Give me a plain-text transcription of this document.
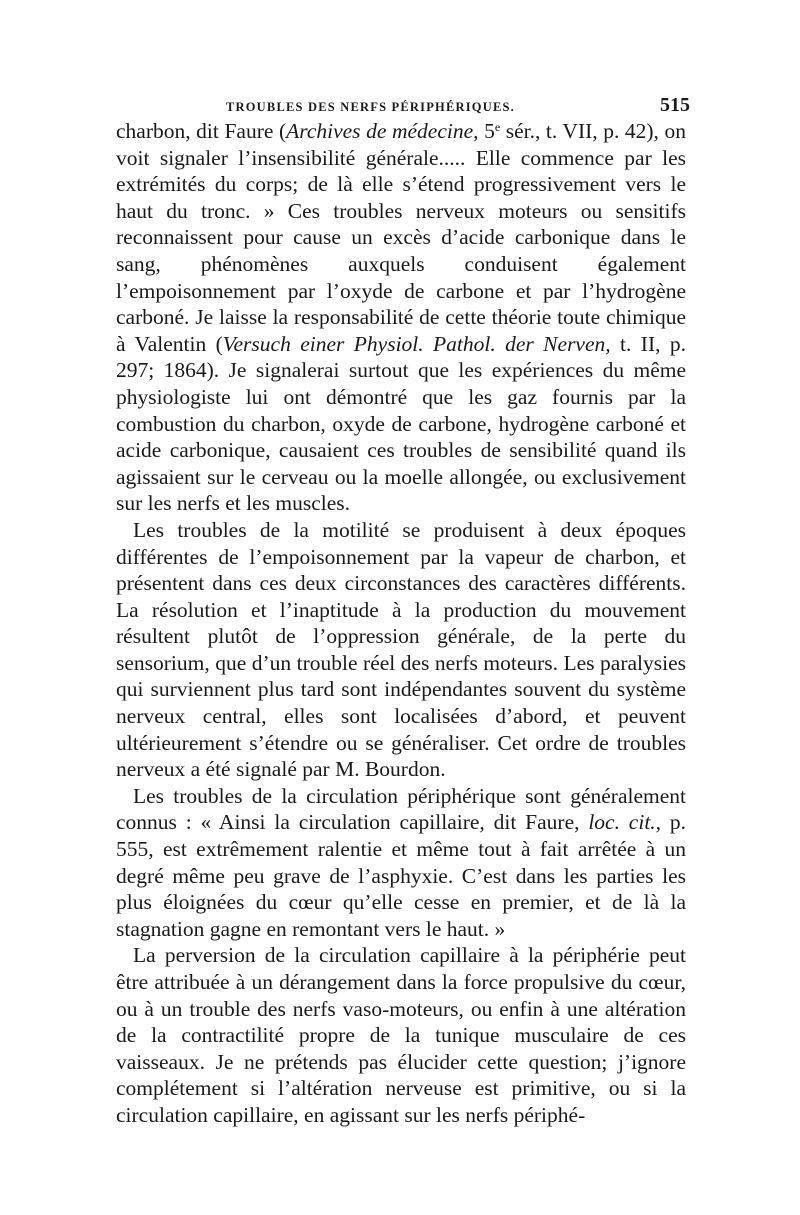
TROUBLES DES NERFS PÉRIPHÉRIQUES.	515

charbon, dit Faure (Archives de médecine, 5e sér., t. VII, p. 42), on voit signaler l’insensibilité générale..... Elle commence par les extrémités du corps; de là elle s’étend progressivement vers le haut du tronc. » Ces troubles nerveux moteurs ou sensitifs reconnaissent pour cause un excès d’acide carbonique dans le sang, phénomènes auxquels conduisent également l’empoisonnement par l’oxyde de carbone et par l’hydrogène carboné. Je laisse la responsabilité de cette théorie toute chimique à Valentin (Versuch einer Physiol. Pathol. der Nerven, t. II, p. 297; 1864). Je signalerai surtout que les expériences du même physiologiste lui ont démontré que les gaz fournis par la combustion du charbon, oxyde de carbone, hydrogène carboné et acide carbonique, causaient ces troubles de sensibilité quand ils agissaient sur le cerveau ou la moelle allongée, ou exclusivement sur les nerfs et les muscles.

Les troubles de la motilité se produisent à deux époques différentes de l’empoisonnement par la vapeur de charbon, et présentent dans ces deux circonstances des caractères différents. La résolution et l’inaptitude à la production du mouvement résultent plutôt de l’oppression générale, de la perte du sensorium, que d’un trouble réel des nerfs moteurs. Les paralysies qui surviennent plus tard sont indépendantes souvent du système nerveux central, elles sont localisées d’abord, et peuvent ultérieurement s’étendre ou se généraliser. Cet ordre de troubles nerveux a été signalé par M. Bourdon.

Les troubles de la circulation périphérique sont généralement connus : « Ainsi la circulation capillaire, dit Faure, loc. cit., p. 555, est extrêmement ralentie et même tout à fait arrêtée à un degré même peu grave de l’asphyxie. C’est dans les parties les plus éloignées du cœur qu’elle cesse en premier, et de là la stagnation gagne en remontant vers le haut. »

La perversion de la circulation capillaire à la périphérie peut être attribuée à un dérangement dans la force propulsive du cœur, ou à un trouble des nerfs vaso-moteurs, ou enfin à une altération de la contractilité propre de la tunique musculaire de ces vaisseaux. Je ne prétends pas élucider cette question; j’ignore complétement si l’altération nerveuse est primitive, ou si la circulation capillaire, en agissant sur les nerfs périphé-
